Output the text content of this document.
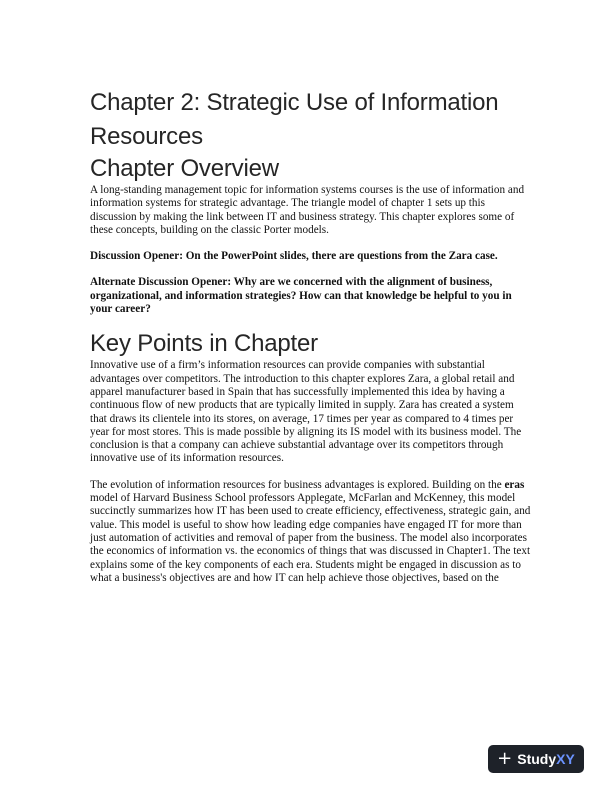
Chapter 2: Strategic Use of Information Resources
Chapter Overview

A long-standing management topic for information systems courses is the use of information and information systems for strategic advantage. The triangle model of chapter 1 sets up this discussion by making the link between IT and business strategy. This chapter explores some of these concepts, building on the classic Porter models.

Discussion Opener: On the PowerPoint slides, there are questions from the Zara case.

Alternate Discussion Opener: Why are we concerned with the alignment of business, organizational, and information strategies? How can that knowledge be helpful to you in your career?

Key Points in Chapter

Innovative use of a firm’s information resources can provide companies with substantial advantages over competitors. The introduction to this chapter explores Zara, a global retail and apparel manufacturer based in Spain that has successfully implemented this idea by having a continuous flow of new products that are typically limited in supply. Zara has created a system that draws its clientele into its stores, on average, 17 times per year as compared to 4 times per year for most stores. This is made possible by aligning its IS model with its business model. The conclusion is that a company can achieve substantial advantage over its competitors through innovative use of its information resources.

The evolution of information resources for business advantages is explored. Building on the eras model of Harvard Business School professors Applegate, McFarlan and McKenney, this model succinctly summarizes how IT has been used to create efficiency, effectiveness, strategic gain, and value. This model is useful to show how leading edge companies have engaged IT for more than just automation of activities and removal of paper from the business. The model also incorporates the economics of information vs. the economics of things that was discussed in Chapter1. The text explains some of the key components of each era. Students might be engaged in discussion as to what a business's objectives are and how IT can help achieve those objectives, based on the

+ StudyXY
